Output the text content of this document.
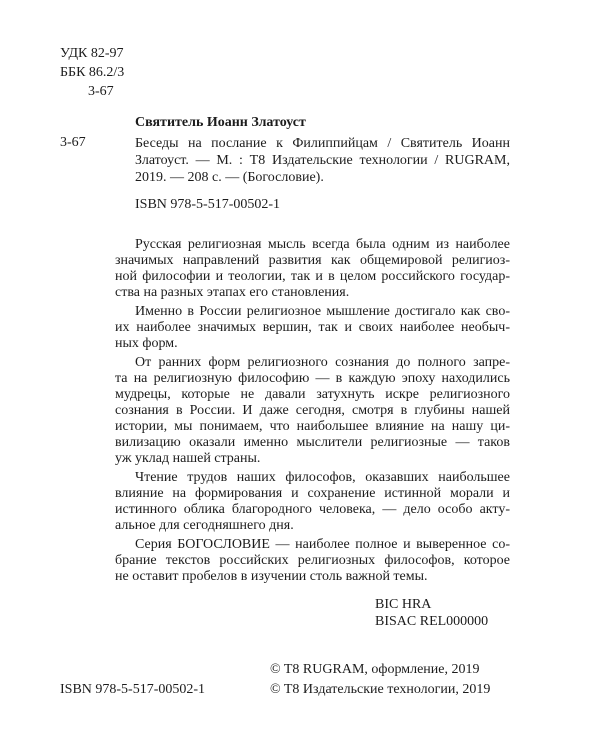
УДК 82-97
ББК 86.2/3
3-67
Святитель Иоанн Златоуст
3-67	Беседы на послание к Филиппийцам / Святитель Иоанн
Златоуст. — М. : T8 Издательские технологии / RUGRAM,
2019. — 208 с. — (Богословие).
ISBN 978-5-517-00502-1
Русская религиозная мысль всегда была одним из наиболее
значимых направлений развития как общемировой религиоз-
ной философии и теологии, так и в целом российского государ-
ства на разных этапах его становления.
Именно в России религиозное мышление достигало как сво-
их наиболее значимых вершин, так и своих наиболее необыч-
ных форм.
От ранних форм религиозного сознания до полного запре-
та на религиозную философию — в каждую эпоху находились
мудрецы, которые не давали затухнуть искре религиозного
сознания в России. И даже сегодня, смотря в глубины нашей
истории, мы понимаем, что наибольшее влияние на нашу ци-
вилизацию оказали именно мыслители религиозные — таков
уж уклад нашей страны.
Чтение трудов наших философов, оказавших наибольшее
влияние на формирования и сохранение истинной морали и
истинного облика благородного человека, — дело особо акту-
альное для сегодняшнего дня.
Серия БОГОСЛОВИЕ — наиболее полное и выверенное со-
брание текстов российских религиозных философов, которое
не оставит пробелов в изучении столь важной темы.
BIC HRA
BISAC REL000000
© T8 RUGRAM, оформление, 2019
ISBN 978-5-517-00502-1	© T8 Издательские технологии, 2019
